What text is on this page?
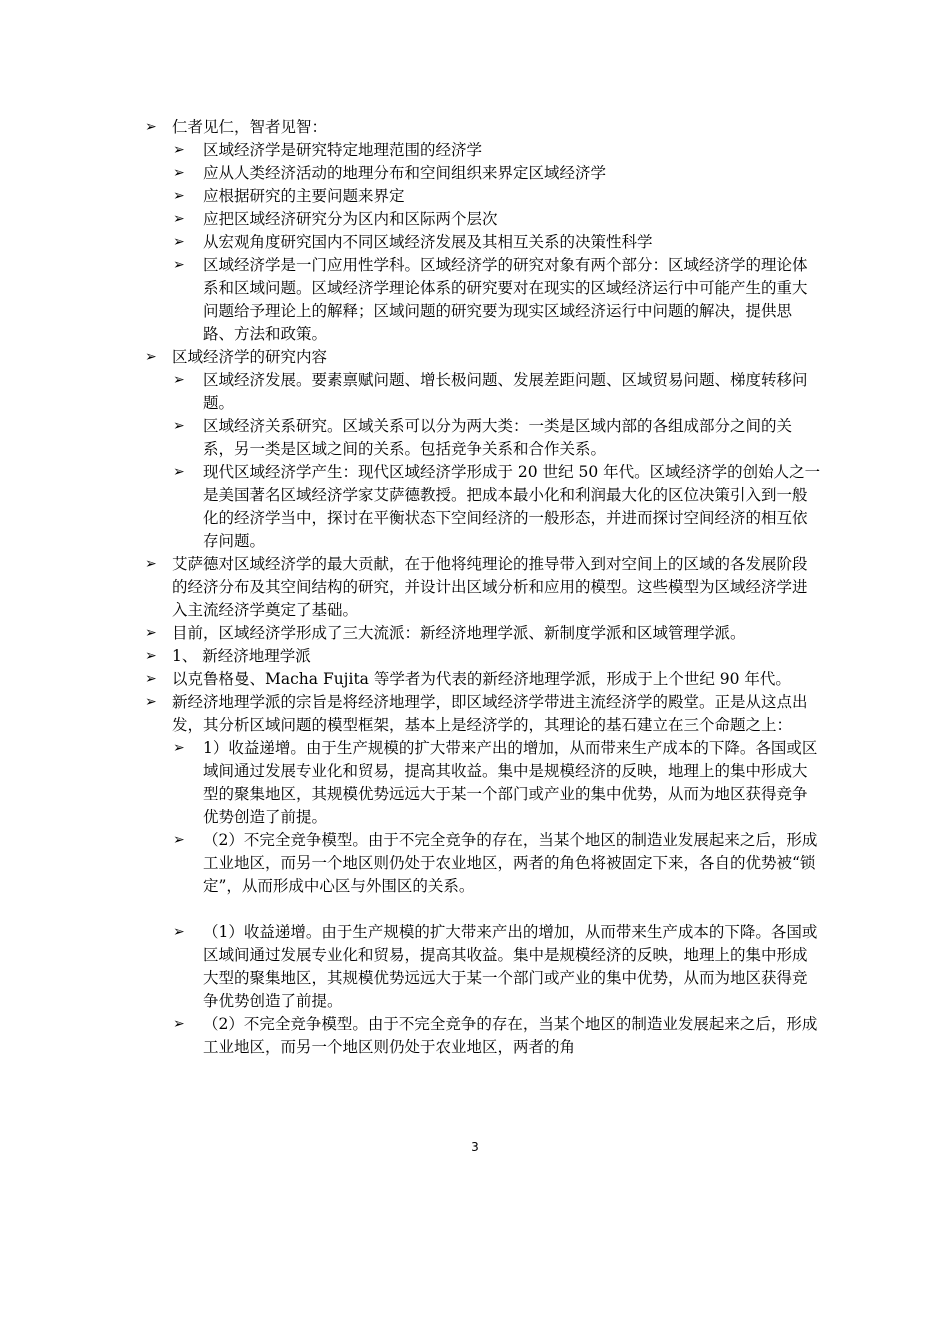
➢ 仁者见仁，智者见智：
➢ 区域经济学是研究特定地理范围的经济学
➢ 应从人类经济活动的地理分布和空间组织来界定区域经济学
➢ 应根据研究的主要问题来界定
➢ 应把区域经济研究分为区内和区际两个层次
➢ 从宏观角度研究国内不同区域经济发展及其相互关系的决策性科学
➢ 区域经济学是一门应用性学科。区域经济学的研究对象有两个部分：区域经济学的理论体系和区域问题。区域经济学理论体系的研究要对在现实的区域经济运行中可能产生的重大问题给予理论上的解释；区域问题的研究要为现实区域经济运行中问题的解决，提供思路、方法和政策。
➢ 区域经济学的研究内容
➢ 区域经济发展。要素禀赋问题、增长极问题、发展差距问题、区域贸易问题、梯度转移问题。
➢ 区域经济关系研究。区域关系可以分为两大类：一类是区域内部的各组成部分之间的关系，另一类是区域之间的关系。包括竞争关系和合作关系。
➢ 现代区域经济学产生：现代区域经济学形成于 20 世纪 50 年代。区域经济学的创始人之一是美国著名区域经济学家艾萨德教授。把成本最小化和利润最大化的区位决策引入到一般化的经济学当中，探讨在平衡状态下空间经济的一般形态，并进而探讨空间经济的相互依存问题。
➢ 艾萨德对区域经济学的最大贡献，在于他将纯理论的推导带入到对空间上的区域的各发展阶段的经济分布及其空间结构的研究，并设计出区域分析和应用的模型。这些模型为区域经济学进入主流经济学奠定了基础。
➢ 目前，区域经济学形成了三大流派：新经济地理学派、新制度学派和区域管理学派。
➢ 1、 新经济地理学派
➢ 以克鲁格曼、Macha Fujita 等学者为代表的新经济地理学派，形成于上个世纪 90 年代。
➢ 新经济地理学派的宗旨是将经济地理学，即区域经济学带进主流经济学的殿堂。正是从这点出发，其分析区域问题的模型框架，基本上是经济学的，其理论的基石建立在三个命题之上：
➢ 1）收益递增。由于生产规模的扩大带来产出的增加，从而带来生产成本的下降。各国或区域间通过发展专业化和贸易，提高其收益。集中是规模经济的反映，地理上的集中形成大型的聚集地区，其规模优势远远大于某一个部门或产业的集中优势，从而为地区获得竞争优势创造了前提。
➢ （2）不完全竞争模型。由于不完全竞争的存在，当某个地区的制造业发展起来之后，形成工业地区，而另一个地区则仍处于农业地区，两者的角色将被固定下来，各自的优势被“锁定”，从而形成中心区与外围区的关系。
➢ （1）收益递增。由于生产规模的扩大带来产出的增加，从而带来生产成本的下降。各国或区域间通过发展专业化和贸易，提高其收益。集中是规模经济的反映，地理上的集中形成大型的聚集地区，其规模优势远远大于某一个部门或产业的集中优势，从而为地区获得竞争优势创造了前提。
➢ （2）不完全竞争模型。由于不完全竞争的存在，当某个地区的制造业发展起来之后，形成工业地区，而另一个地区则仍处于农业地区，两者的角
3
